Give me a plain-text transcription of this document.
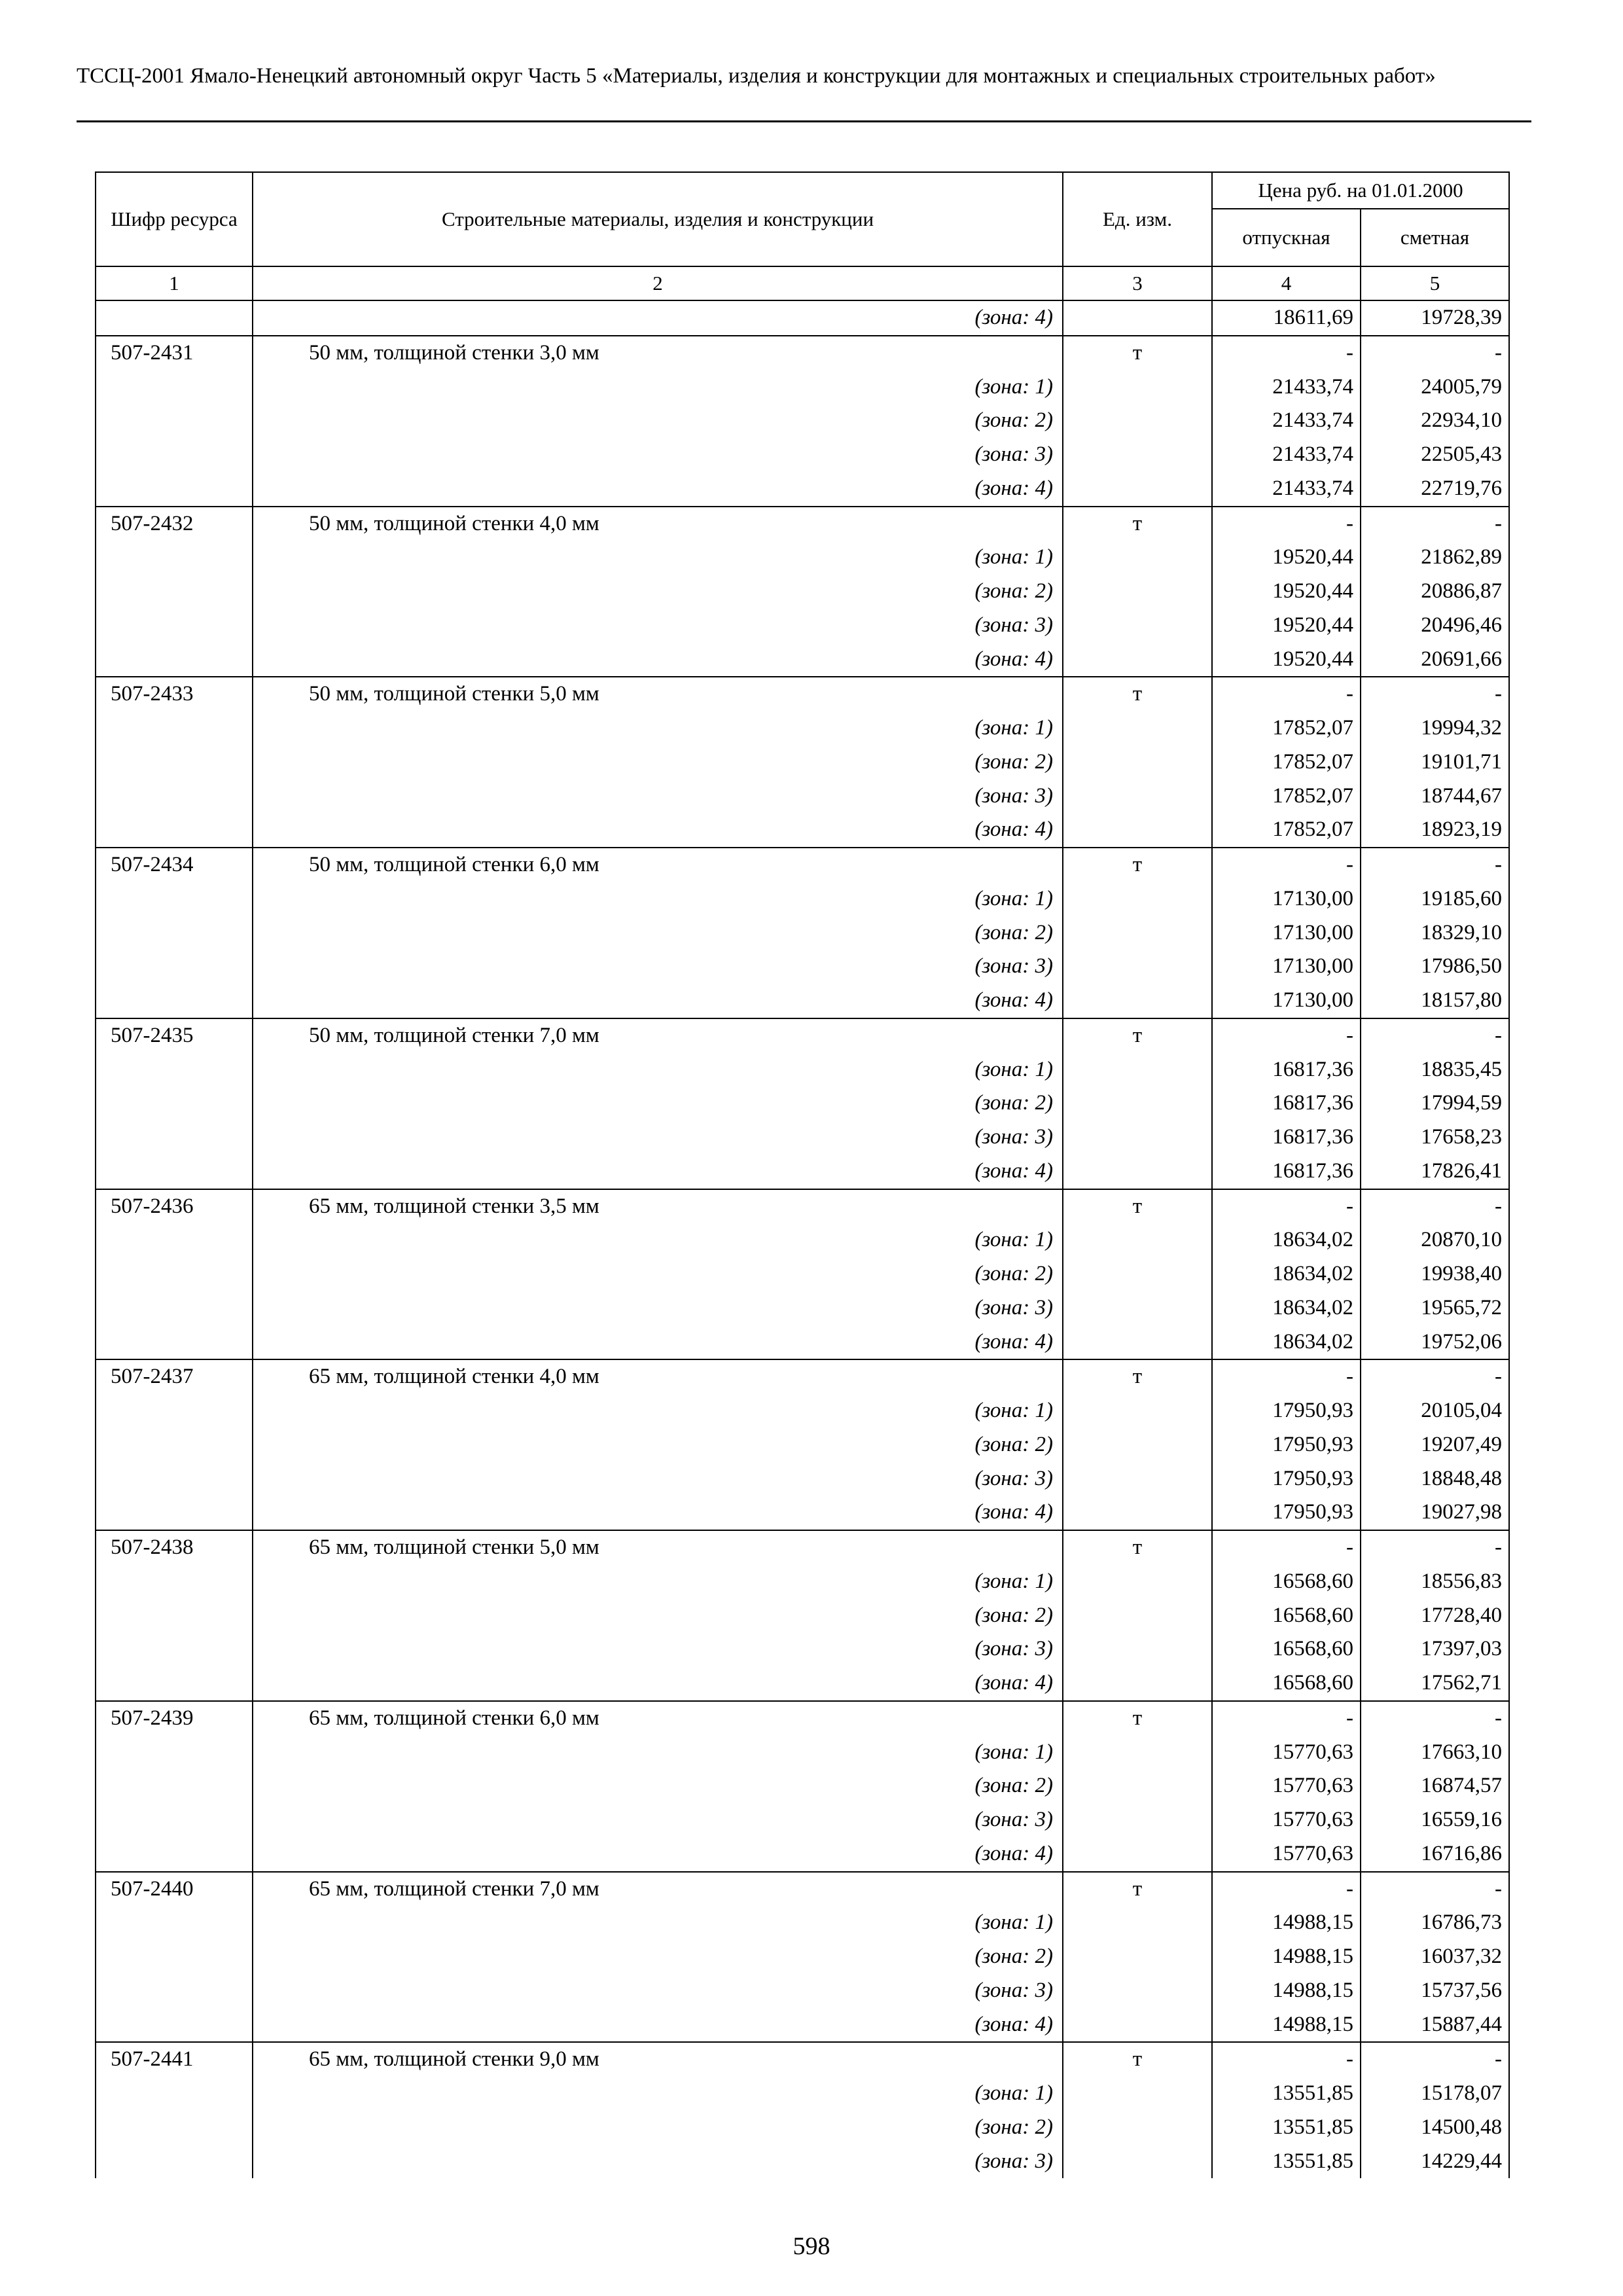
ТССЦ-2001 Ямало-Ненецкий автономный округ Часть 5 «Материалы, изделия и конструкции для монтажных и специальных строительных работ»
Шифр ресурса	Строительные материалы, изделия и конструкции	Ед. изм.	Цена руб. на 01.01.2000	
			отпускная	сметная
1	2	3	4	5
	(зона: 4)		18611,69	19728,39
507-2431	50 мм, толщиной стенки 3,0 мм	т	-	-
	(зона: 1)		21433,74	24005,79
	(зона: 2)		21433,74	22934,10
	(зона: 3)		21433,74	22505,43
	(зона: 4)		21433,74	22719,76
507-2432	50 мм, толщиной стенки 4,0 мм	т	-	-
	(зона: 1)		19520,44	21862,89
	(зона: 2)		19520,44	20886,87
	(зона: 3)		19520,44	20496,46
	(зона: 4)		19520,44	20691,66
507-2433	50 мм, толщиной стенки 5,0 мм	т	-	-
	(зона: 1)		17852,07	19994,32
	(зона: 2)		17852,07	19101,71
	(зона: 3)		17852,07	18744,67
	(зона: 4)		17852,07	18923,19
507-2434	50 мм, толщиной стенки 6,0 мм	т	-	-
	(зона: 1)		17130,00	19185,60
	(зона: 2)		17130,00	18329,10
	(зона: 3)		17130,00	17986,50
	(зона: 4)		17130,00	18157,80
507-2435	50 мм, толщиной стенки 7,0 мм	т	-	-
	(зона: 1)		16817,36	18835,45
	(зона: 2)		16817,36	17994,59
	(зона: 3)		16817,36	17658,23
	(зона: 4)		16817,36	17826,41
507-2436	65 мм, толщиной стенки 3,5 мм	т	-	-
	(зона: 1)		18634,02	20870,10
	(зона: 2)		18634,02	19938,40
	(зона: 3)		18634,02	19565,72
	(зона: 4)		18634,02	19752,06
507-2437	65 мм, толщиной стенки 4,0 мм	т	-	-
	(зона: 1)		17950,93	20105,04
	(зона: 2)		17950,93	19207,49
	(зона: 3)		17950,93	18848,48
	(зона: 4)		17950,93	19027,98
507-2438	65 мм, толщиной стенки 5,0 мм	т	-	-
	(зона: 1)		16568,60	18556,83
	(зона: 2)		16568,60	17728,40
	(зона: 3)		16568,60	17397,03
	(зона: 4)		16568,60	17562,71
507-2439	65 мм, толщиной стенки 6,0 мм	т	-	-
	(зона: 1)		15770,63	17663,10
	(зона: 2)		15770,63	16874,57
	(зона: 3)		15770,63	16559,16
	(зона: 4)		15770,63	16716,86
507-2440	65 мм, толщиной стенки 7,0 мм	т	-	-
	(зона: 1)		14988,15	16786,73
	(зона: 2)		14988,15	16037,32
	(зона: 3)		14988,15	15737,56
	(зона: 4)		14988,15	15887,44
507-2441	65 мм, толщиной стенки 9,0 мм	т	-	-
	(зона: 1)		13551,85	15178,07
	(зона: 2)		13551,85	14500,48
	(зона: 3)		13551,85	14229,44
598
